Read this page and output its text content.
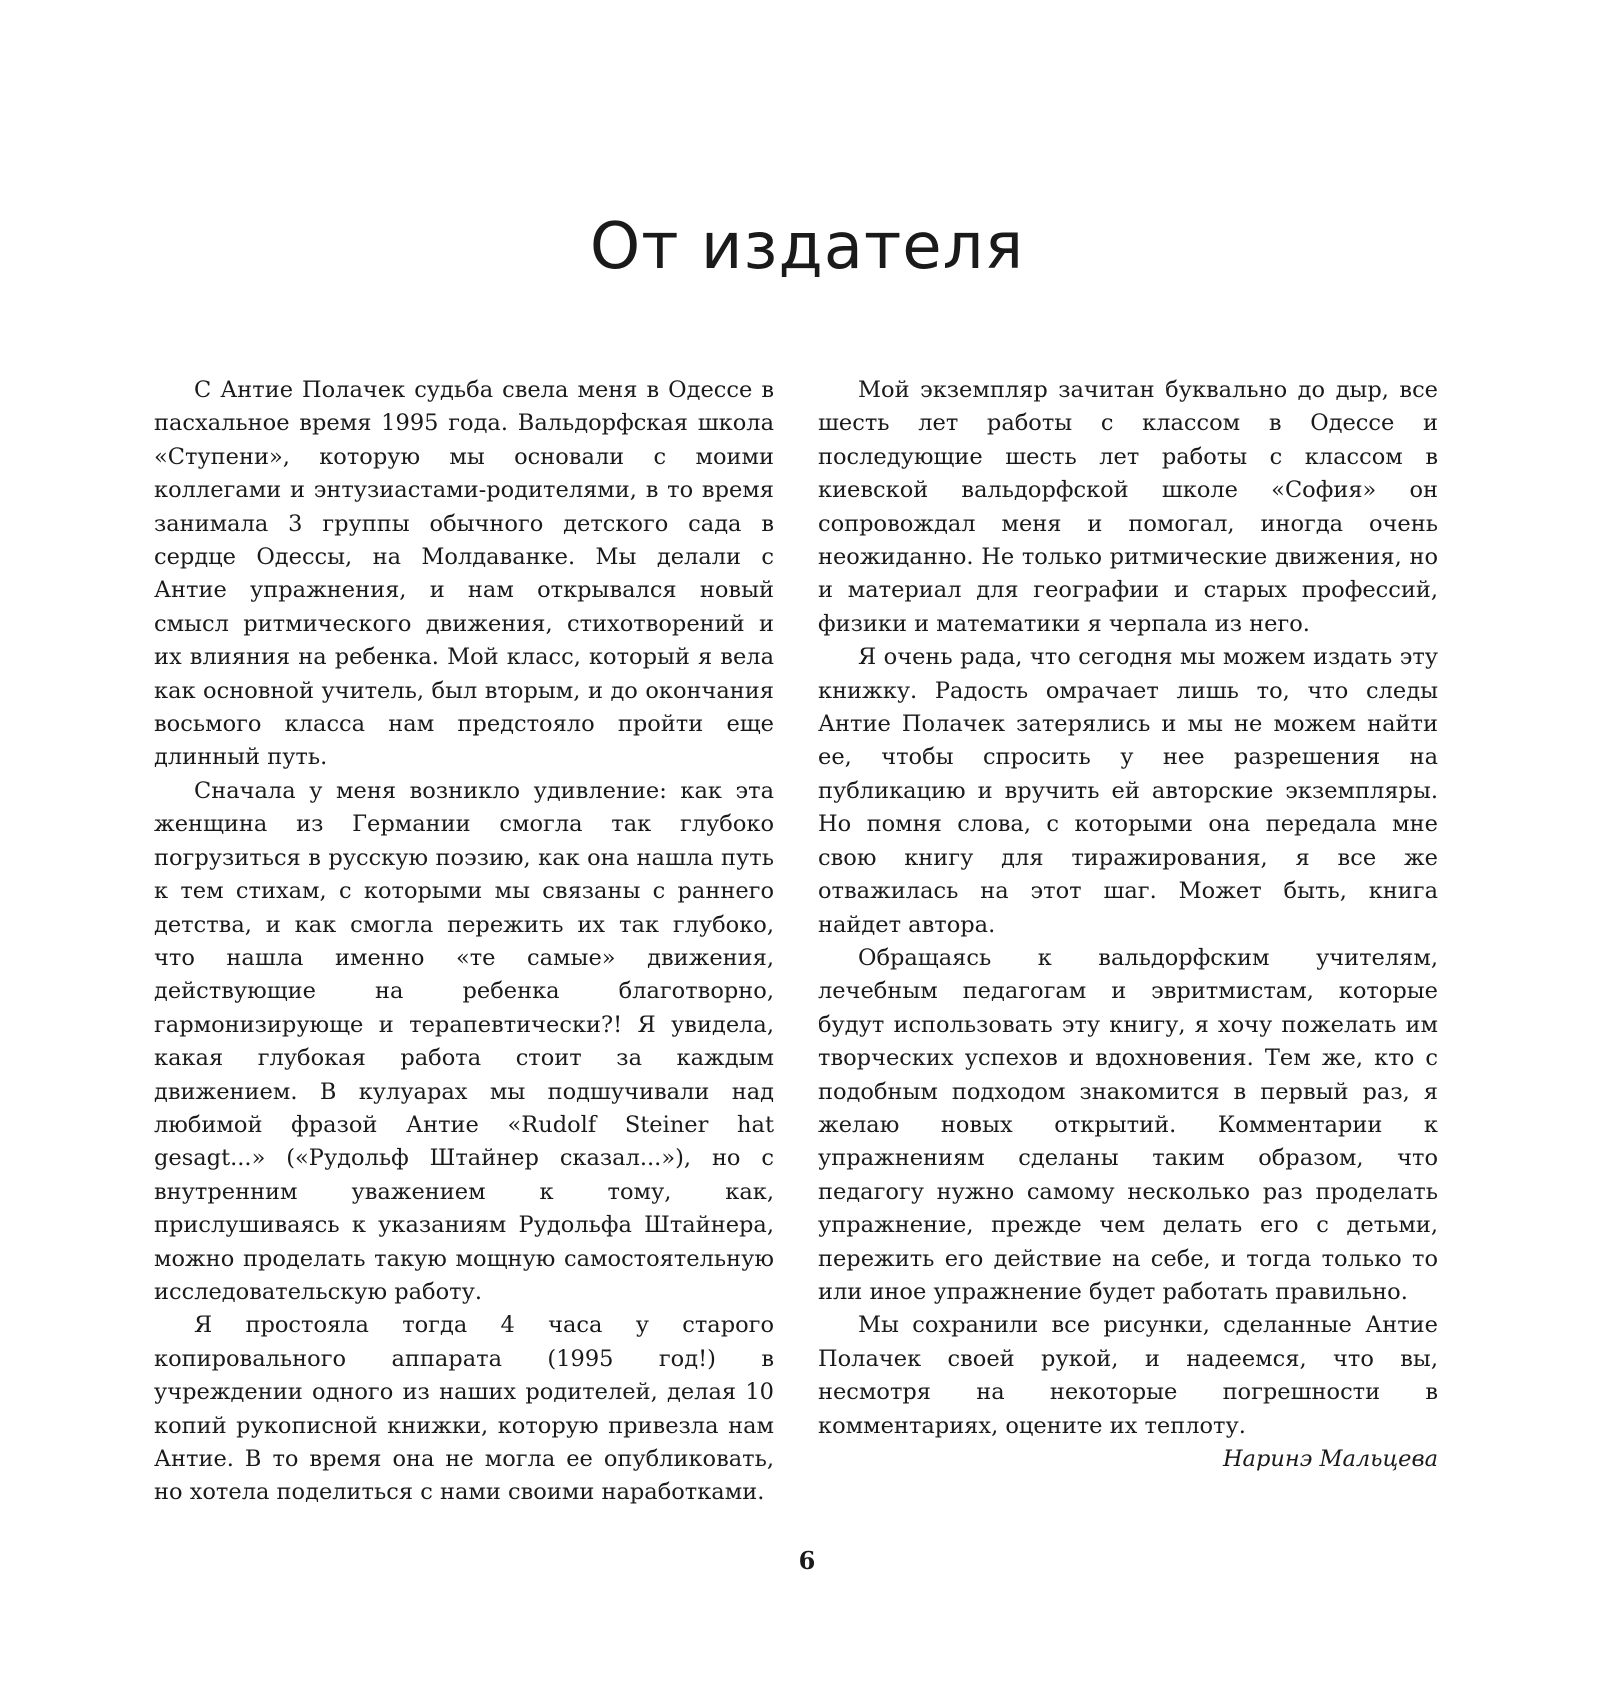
От издателя

С Антие Полачек судьба свела меня в Одессе в пасхальное время 1995 года. Вальдорфская школа «Ступени», которую мы основали с моими коллегами и энтузиастами-родителями, в то время занимала 3 группы обычного детского сада в сердце Одессы, на Молдаванке. Мы делали с Антие упражнения, и нам открывался новый смысл ритмического движения, стихотворений и их влияния на ребенка. Мой класс, который я вела как основной учитель, был вторым, и до окончания восьмого класса нам предстояло пройти еще длинный путь.

Сначала у меня возникло удивление: как эта женщина из Германии смогла так глубоко погрузиться в русскую поэзию, как она нашла путь к тем стихам, с которыми мы связаны с раннего детства, и как смогла пережить их так глубоко, что нашла именно «те самые» движения, действующие на ребенка благотворно, гармонизирующе и терапевтически?! Я увидела, какая глубокая работа стоит за каждым движением. В кулуарах мы подшучивали над любимой фразой Антие «Rudolf Steiner hat gesagt...» («Рудольф Штайнер сказал...»), но с внутренним уважением к тому, как, прислушиваясь к указаниям Рудольфа Штайнера, можно проделать такую мощную самостоятельную исследовательскую работу.

Я простояла тогда 4 часа у старого копировального аппарата (1995 год!) в учреждении одного из наших родителей, делая 10 копий рукописной книжки, которую привезла нам Антие. В то время она не могла ее опубликовать, но хотела поделиться с нами своими наработками.

Мой экземпляр зачитан буквально до дыр, все шесть лет работы с классом в Одессе и последующие шесть лет работы с классом в киевской вальдорфской школе «София» он сопровождал меня и помогал, иногда очень неожиданно. Не только ритмические движения, но и материал для географии и старых профессий, физики и математики я черпала из него.

Я очень рада, что сегодня мы можем издать эту книжку. Радость омрачает лишь то, что следы Антие Полачек затерялись и мы не можем найти ее, чтобы спросить у нее разрешения на публикацию и вручить ей авторские экземпляры. Но помня слова, с которыми она передала мне свою книгу для тиражирования, я все же отважилась на этот шаг. Может быть, книга найдет автора.

Обращаясь к вальдорфским учителям, лечебным педагогам и эвритмистам, которые будут использовать эту книгу, я хочу пожелать им творческих успехов и вдохновения. Тем же, кто с подобным подходом знакомится в первый раз, я желаю новых открытий. Комментарии к упражнениям сделаны таким образом, что педагогу нужно самому несколько раз проделать упражнение, прежде чем делать его с детьми, пережить его действие на себе, и тогда только то или иное упражнение будет работать правильно.

Мы сохранили все рисунки, сделанные Антие Полачек своей рукой, и надеемся, что вы, несмотря на некоторые погрешности в комментариях, оцените их теплоту.

Наринэ Мальцева

6
